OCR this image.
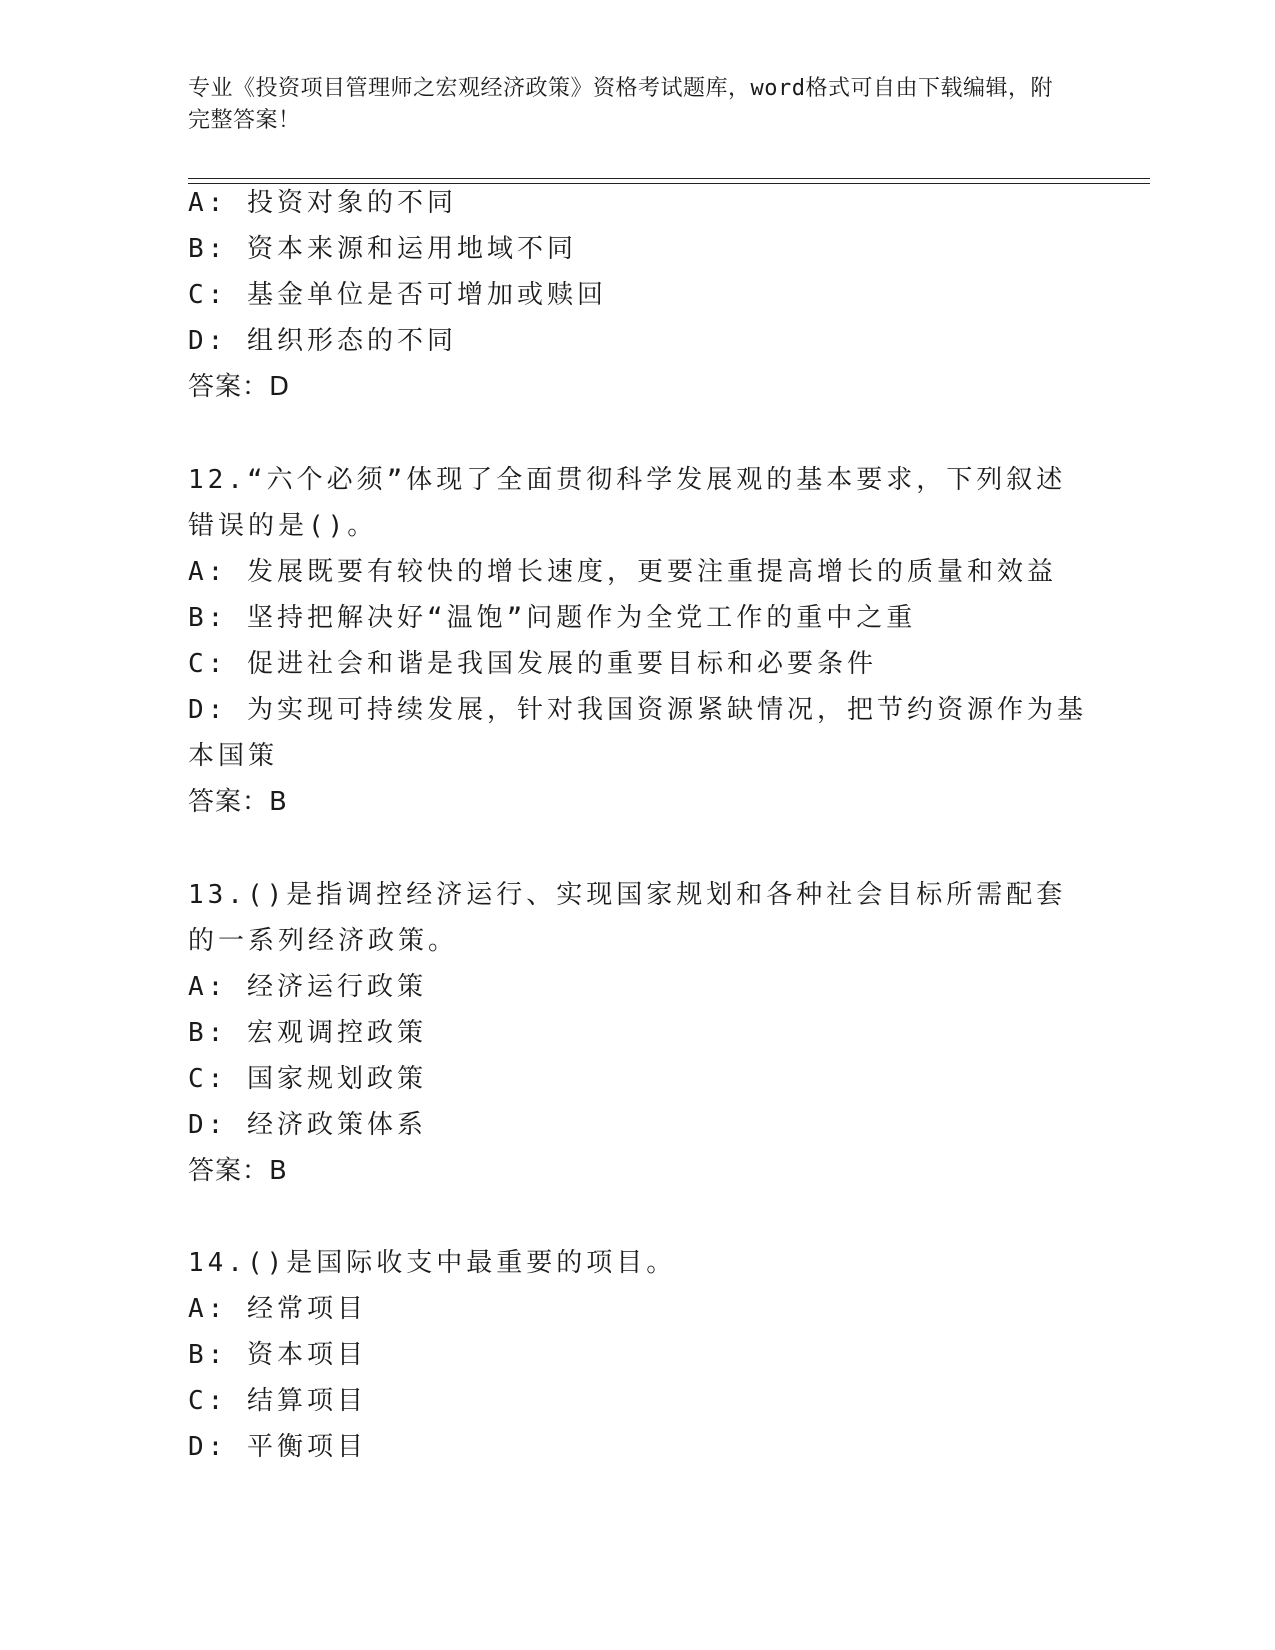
专业《投资项目管理师之宏观经济政策》资格考试题库，word格式可自由下载编辑，附完整答案！

A: 投资对象的不同

B: 资本来源和运用地域不同

C: 基金单位是否可增加或赎回

D: 组织形态的不同

答案：D

12.“六个必须”体现了全面贯彻科学发展观的基本要求，下列叙述错误的是()。

A: 发展既要有较快的增长速度，更要注重提高增长的质量和效益

B: 坚持把解决好“温饱”问题作为全党工作的重中之重

C: 促进社会和谐是我国发展的重要目标和必要条件

D: 为实现可持续发展，针对我国资源紧缺情况，把节约资源作为基本国策

答案：B

13.()是指调控经济运行、实现国家规划和各种社会目标所需配套的一系列经济政策。

A: 经济运行政策

B: 宏观调控政策

C: 国家规划政策

D: 经济政策体系

答案：B

14.()是国际收支中最重要的项目。

A: 经常项目

B: 资本项目

C: 结算项目

D: 平衡项目
